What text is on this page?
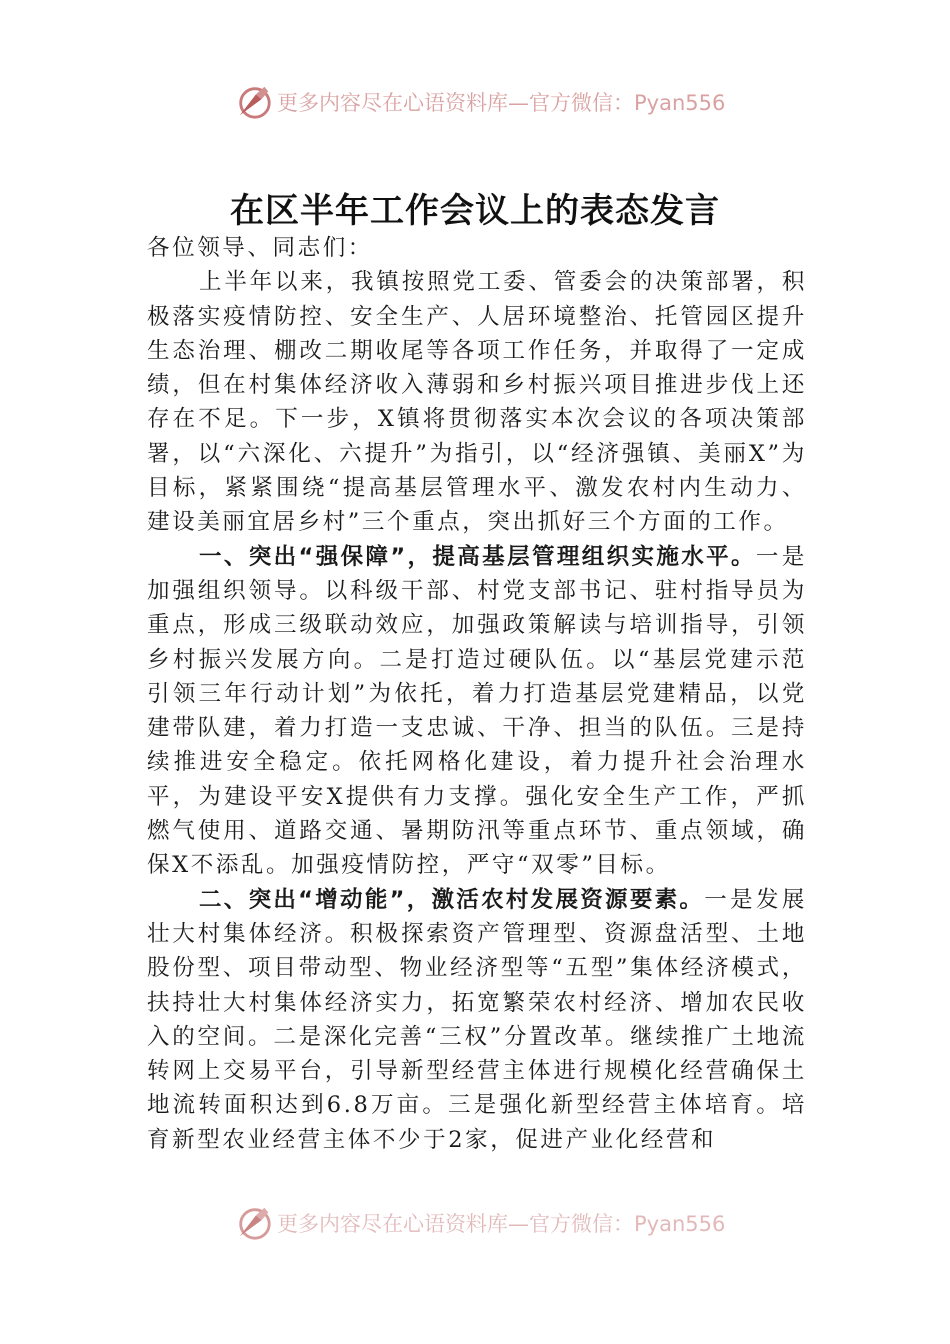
更多内容尽在心语资料库—官方微信：Pyan556
在区半年工作会议上的表态发言

各位领导、同志们：

上半年以来，我镇按照党工委、管委会的决策部署，积极落实疫情防控、安全生产、人居环境整治、托管园区提升生态治理、棚改二期收尾等各项工作任务，并取得了一定成绩，但在村集体经济收入薄弱和乡村振兴项目推进步伐上还存在不足。下一步，X镇将贯彻落实本次会议的各项决策部署，以“六深化、六提升”为指引，以“经济强镇、美丽X”为目标，紧紧围绕“提高基层管理水平、激发农村内生动力、建设美丽宜居乡村”三个重点，突出抓好三个方面的工作。

一、突出“强保障”，提高基层管理组织实施水平。一是加强组织领导。以科级干部、村党支部书记、驻村指导员为重点，形成三级联动效应，加强政策解读与培训指导，引领乡村振兴发展方向。二是打造过硬队伍。以“基层党建示范引领三年行动计划”为依托，着力打造基层党建精品，以党建带队建，着力打造一支忠诚、干净、担当的队伍。三是持续推进安全稳定。依托网格化建设，着力提升社会治理水平，为建设平安X提供有力支撑。强化安全生产工作，严抓燃气使用、道路交通、暑期防汛等重点环节、重点领域，确保X不添乱。加强疫情防控，严守“双零”目标。

二、突出“增动能”，激活农村发展资源要素。一是发展壮大村集体经济。积极探索资产管理型、资源盘活型、土地股份型、项目带动型、物业经济型等“五型”集体经济模式，扶持壮大村集体经济实力，拓宽繁荣农村经济、增加农民收入的空间。二是深化完善“三权”分置改革。继续推广土地流转网上交易平台，引导新型经营主体进行规模化经营确保土地流转面积达到6.8万亩。三是强化新型经营主体培育。培育新型农业经营主体不少于2家，促进产业化经营和

更多内容尽在心语资料库—官方微信：Pyan556
